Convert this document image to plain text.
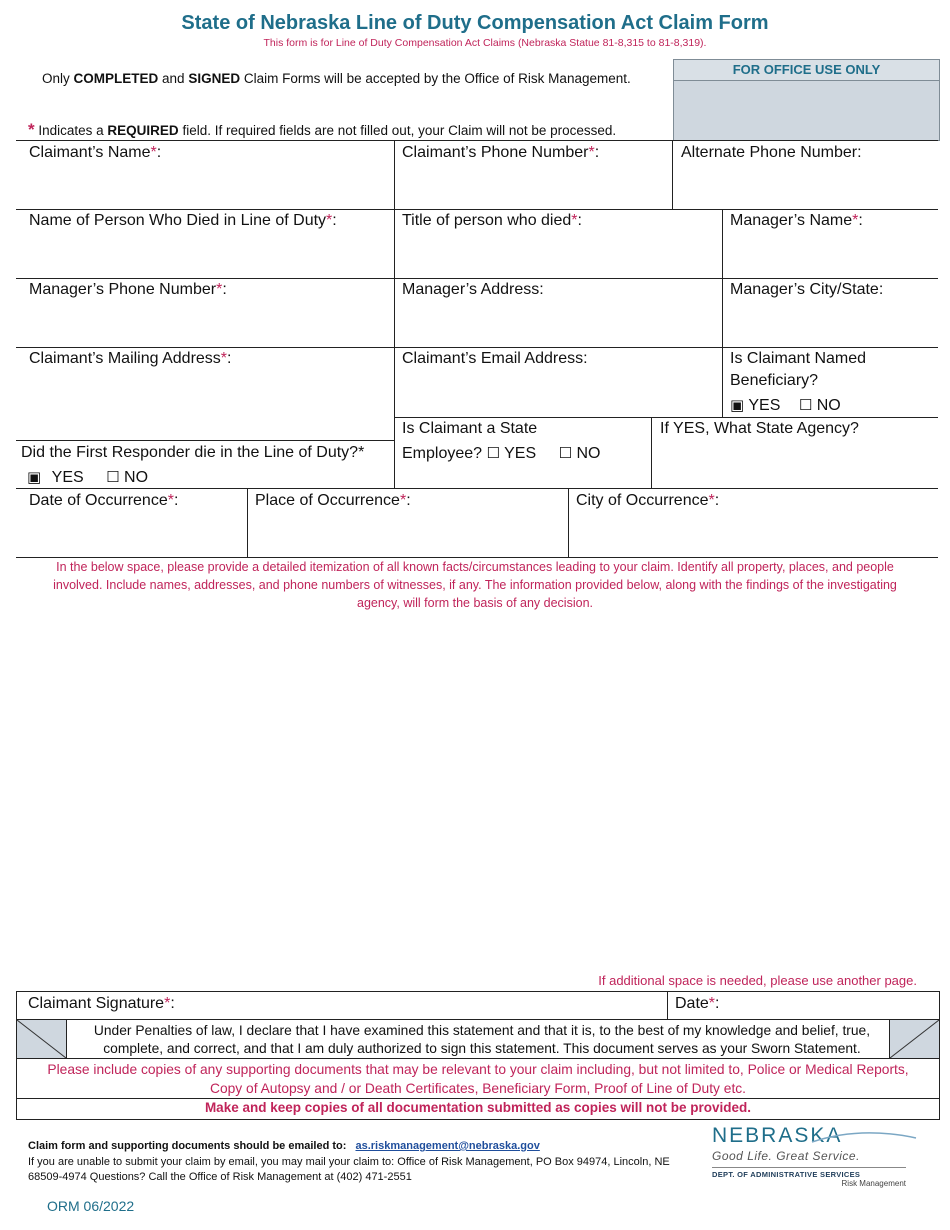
State of Nebraska Line of Duty Compensation Act Claim Form
This form is for Line of Duty Compensation Act Claims (Nebraska Statue 81-8,315 to 81-8,319).
Only COMPLETED and SIGNED Claim Forms will be accepted by the Office of Risk Management.
* Indicates a REQUIRED field. If required fields are not filled out, your Claim will not be processed.
FOR OFFICE USE ONLY
Claimant’s Name*:	Claimant’s Phone Number*:	Alternate Phone Number:
Name of Person Who Died in Line of Duty*:	Title of person who died*:	Manager’s Name*:
Manager’s Phone Number*:	Manager’s Address:	Manager’s City/State:
Claimant’s Mailing Address*:	Claimant’s Email Address:	Is Claimant Named Beneficiary?
▣ YES ☐ NO
Is Claimant a State
Employee? ☐ YES ☐ NO
If YES, What State Agency?
Did the First Responder die in the Line of Duty?*
▣ YES ☐ NO
Date of Occurrence*:	Place of Occurrence*:	City of Occurrence*:
In the below space, please provide a detailed itemization of all known facts/circumstances leading to your claim. Identify all property, places, and people involved. Include names, addresses, and phone numbers of witnesses, if any. The information provided below, along with the findings of the investigating agency, will form the basis of any decision.
If additional space is needed, please use another page.
Claimant Signature*:	Date*:
Under Penalties of law, I declare that I have examined this statement and that it is, to the best of my knowledge and belief, true, complete, and correct, and that I am duly authorized to sign this statement. This document serves as your Sworn Statement.
Please include copies of any supporting documents that may be relevant to your claim including, but not limited to, Police or Medical Reports, Copy of Autopsy and / or Death Certificates, Beneficiary Form, Proof of Line of Duty etc.
Make and keep copies of all documentation submitted as copies will not be provided.
Claim form and supporting documents should be emailed to: as.riskmanagement@nebraska.gov
If you are unable to submit your claim by email, you may mail your claim to: Office of Risk Management, PO Box 94974, Lincoln, NE
68509-4974 Questions? Call the Office of Risk Management at (402) 471-2551
ORM 06/2022
NEBRASKA
Good Life. Great Service.
DEPT. OF ADMINISTRATIVE SERVICES
Risk Management
